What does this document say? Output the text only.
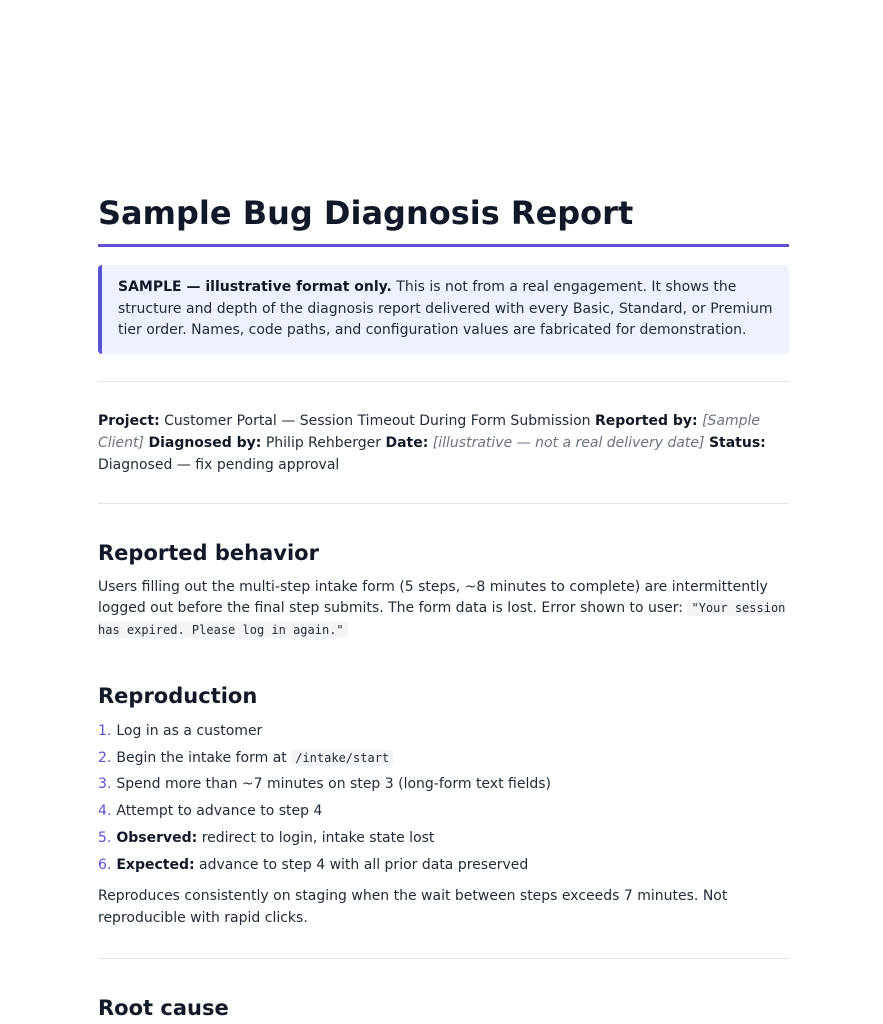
Sample Bug Diagnosis Report
SAMPLE — illustrative format only. This is not from a real engagement. It shows the structure and depth of the diagnosis report delivered with every Basic, Standard, or Premium tier order. Names, code paths, and configuration values are fabricated for demonstration.

Project: Customer Portal — Session Timeout During Form Submission Reported by: [Sample Client] Diagnosed by: Philip Rehberger Date: [illustrative — not a real delivery date] Status: Diagnosed — fix pending approval

Reported behavior

Users filling out the multi-step intake form (5 steps, ~8 minutes to complete) are intermittently logged out before the final step submits. The form data is lost. Error shown to user: "Your session has expired. Please log in again."

Reproduction
1. Log in as a customer
2. Begin the intake form at /intake/start
3. Spend more than ~7 minutes on step 3 (long-form text fields)
4. Attempt to advance to step 4
5. Observed: redirect to login, intake state lost
6. Expected: advance to step 4 with all prior data preserved

Reproduces consistently on staging when the wait between steps exceeds 7 minutes. Not reproducible with rapid clicks.

Root cause
